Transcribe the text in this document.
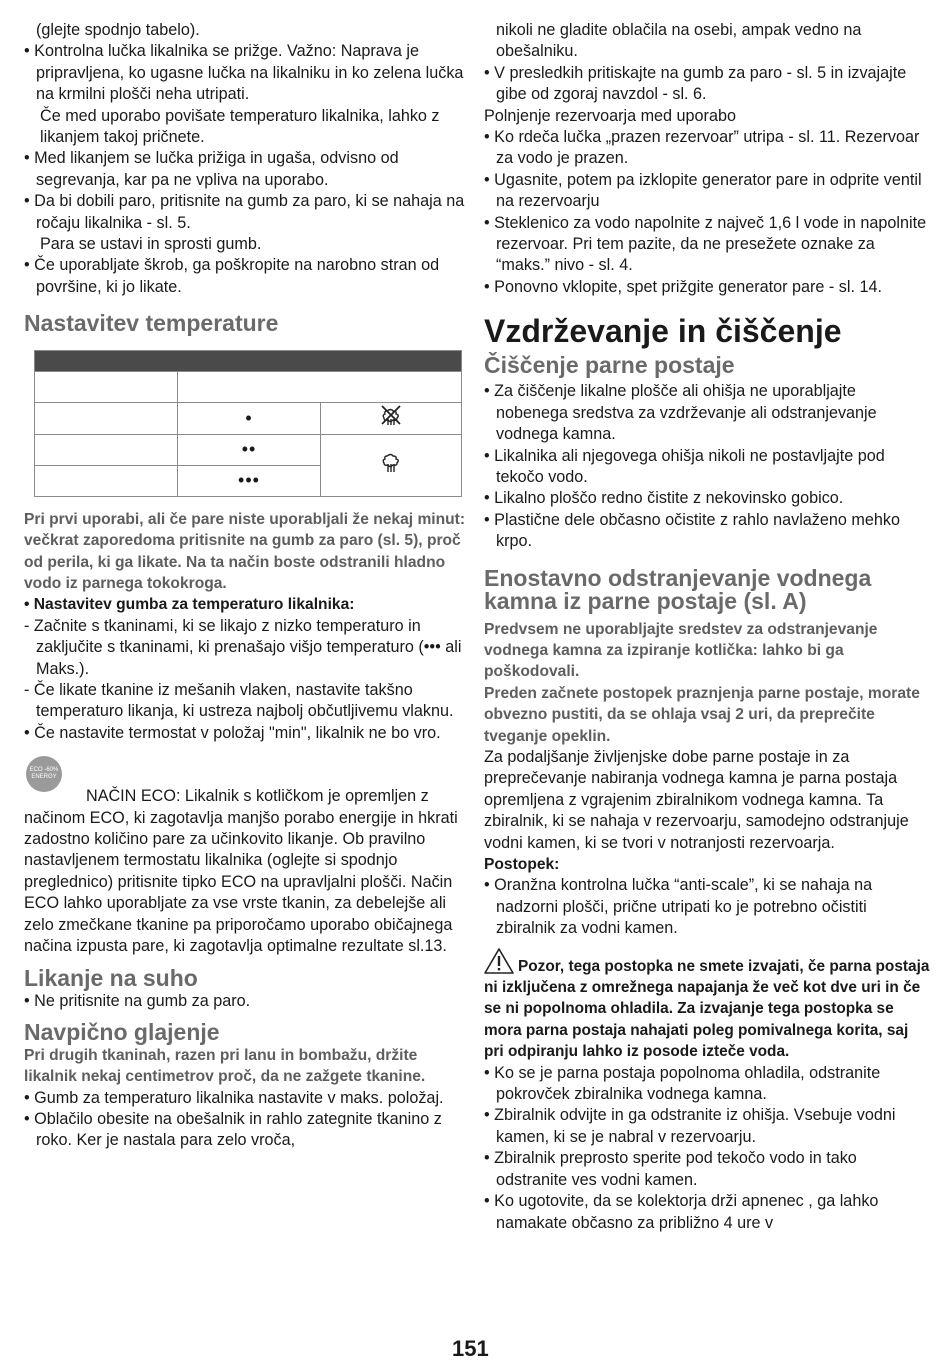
(glejte spodnjo tabelo).

• Kontrolna lučka likalnika se prižge. Važno: Naprava je pripravljena, ko ugasne lučka na likalniku in ko zelena lučka na krmilni plošči neha utripati.

Če med uporabo povišate temperaturo likalnika, lahko z likanjem takoj pričnete.

• Med likanjem se lučka prižiga in ugaša, odvisno od segrevanja, kar pa ne vpliva na uporabo.

• Da bi dobili paro, pritisnite na gumb za paro, ki se nahaja na ročaju likalnika - sl. 5.

Para se ustavi in sprosti gumb.

• Če uporabljate škrob, ga poškropite na narobno stran od površine, ki jo likate.

Nastavitev temperature

	•	
	••	
	•••	

Pri prvi uporabi, ali če pare niste uporabljali že nekaj minut: večkrat zaporedoma pritisnite na gumb za paro (sl. 5), proč od perila, ki ga likate. Na ta način boste odstranili hladno vodo iz parnega tokokroga.

• Nastavitev gumba za temperaturo likalnika:

- Začnite s tkaninami, ki se likajo z nizko temperaturo in zaključite s tkaninami, ki prenašajo višjo temperaturo (••• ali Maks.).

- Če likate tkanine iz mešanih vlaken, nastavite takšno temperaturo likanja, ki ustreza najbolj občutljivemu vlaknu.

• Če nastavite termostat v položaj "min", likalnik ne bo vro.

ECO -60% ENERGY

NAČIN ECO: Likalnik s kotličkom je opremljen z načinom ECO, ki zagotavlja manjšo porabo energije in hkrati zadostno količino pare za učinkovito likanje. Ob pravilno nastavljenem termostatu likalnika (oglejte si spodnjo preglednico) pritisnite tipko ECO na upravljalni plošči. Način ECO lahko uporabljate za vse vrste tkanin, za debelejše ali zelo zmečkane tkanine pa priporočamo uporabo običajnega načina izpusta pare, ki zagotavlja optimalne rezultate sl.13.

Likanje na suho

• Ne pritisnite na gumb za paro.

Navpično glajenje

Pri drugih tkaninah, razen pri lanu in bombažu, držite likalnik nekaj centimetrov proč, da ne zažgete tkanine.

• Gumb za temperaturo likalnika nastavite v maks. položaj.

• Oblačilo obesite na obešalnik in rahlo zategnite tkanino z roko. Ker je nastala para zelo vroča,

nikoli ne gladite oblačila na osebi, ampak vedno na obešalniku.

• V presledkih pritiskajte na gumb za paro - sl. 5 in izvajajte gibe od zgoraj navzdol - sl. 6.

Polnjenje rezervoarja med uporabo

• Ko rdeča lučka „prazen rezervoar” utripa - sl. 11. Rezervoar za vodo je prazen.

• Ugasnite, potem pa izklopite generator pare in odprite ventil na rezervoarju

• Steklenico za vodo napolnite z največ 1,6 l vode in napolnite rezervoar. Pri tem pazite, da ne presežete oznake za “maks.” nivo - sl. 4.

• Ponovno vklopite, spet prižgite generator pare - sl. 14.

Vzdrževanje in čiščenje

Čiščenje parne postaje

• Za čiščenje likalne plošče ali ohišja ne uporabljajte nobenega sredstva za vzdrževanje ali odstranjevanje vodnega kamna.

• Likalnika ali njegovega ohišja nikoli ne postavljajte pod tekočo vodo.

• Likalno ploščo redno čistite z nekovinsko gobico.

• Plastične dele občasno očistite z rahlo navlaženo mehko krpo.

Enostavno odstranjevanje vodnega kamna iz parne postaje (sl. A)

Predvsem ne uporabljajte sredstev za odstranjevanje vodnega kamna za izpiranje kotlička: lahko bi ga poškodovali.

Preden začnete postopek praznjenja parne postaje, morate obvezno pustiti, da se ohlaja vsaj 2 uri, da preprečite tveganje opeklin.

Za podaljšanje življenjske dobe parne postaje in za preprečevanje nabiranja vodnega kamna je parna postaja opremljena z vgrajenim zbiralnikom vodnega kamna. Ta zbiralnik, ki se nahaja v rezervoarju, samodejno odstranjuje vodni kamen, ki se tvori v notranjosti rezervoarja.

Postopek:

• Oranžna kontrolna lučka “anti-scale”, ki se nahaja na nadzorni plošči, prične utripati ko je potrebno očistiti zbiralnik za vodni kamen.

Pozor, tega postopka ne smete izvajati, če parna postaja ni izključena z omrežnega napajanja že več kot dve uri in če se ni popolnoma ohladila. Za izvajanje tega postopka se mora parna postaja nahajati poleg pomivalnega korita, saj pri odpiranju lahko iz posode izteče voda.

• Ko se je parna postaja popolnoma ohladila, odstranite pokrovček zbiralnika vodnega kamna.

• Zbiralnik odvijte in ga odstranite iz ohišja. Vsebuje vodni kamen, ki se je nabral v rezervoarju.

• Zbiralnik preprosto sperite pod tekočo vodo in tako odstranite ves vodni kamen.

• Ko ugotovite, da se kolektorja drži apnenec , ga lahko namakate občasno za približno 4 ure v

151
